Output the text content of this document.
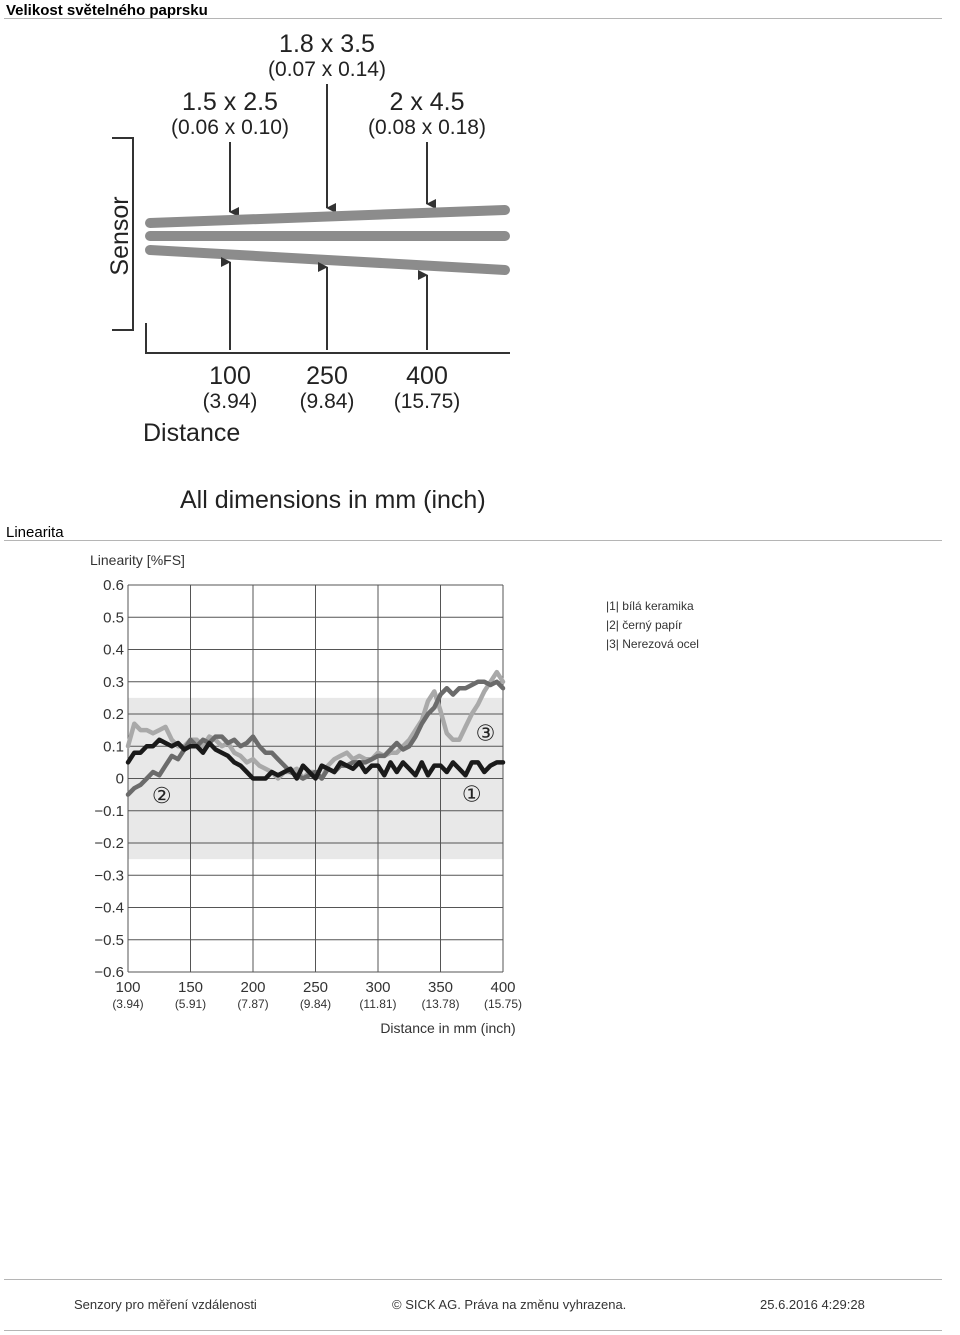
Velikost světelného paprsku
1.8 x 3.5
(0.07 x 0.14)
1.5 x 2.5
(0.06 x 0.10)
2 x 4.5
(0.08 x 0.18)
Sensor
100
(3.94)
250
(9.84)
400
(15.75)
Distance
All dimensions in mm (inch)
Linearita
100
(3.94)
150
(5.91)
200
(7.87)
250
(9.84)
300
(11.81)
350
(13.78)
400
(15.75)
0.6
0.5
0.4
0.3
0.2
0.1
0
−0.1
−0.2
−0.3
−0.4
−0.5
−0.6
①
②
③
Linearity [%FS]
Distance in mm (inch)
|1| bílá keramika
|2| černý papír
|3| Nerezová ocel
Senzory pro měření vzdálenosti	© SICK AG. Práva na změnu vyhrazena.	25.6.2016 4:29:28
